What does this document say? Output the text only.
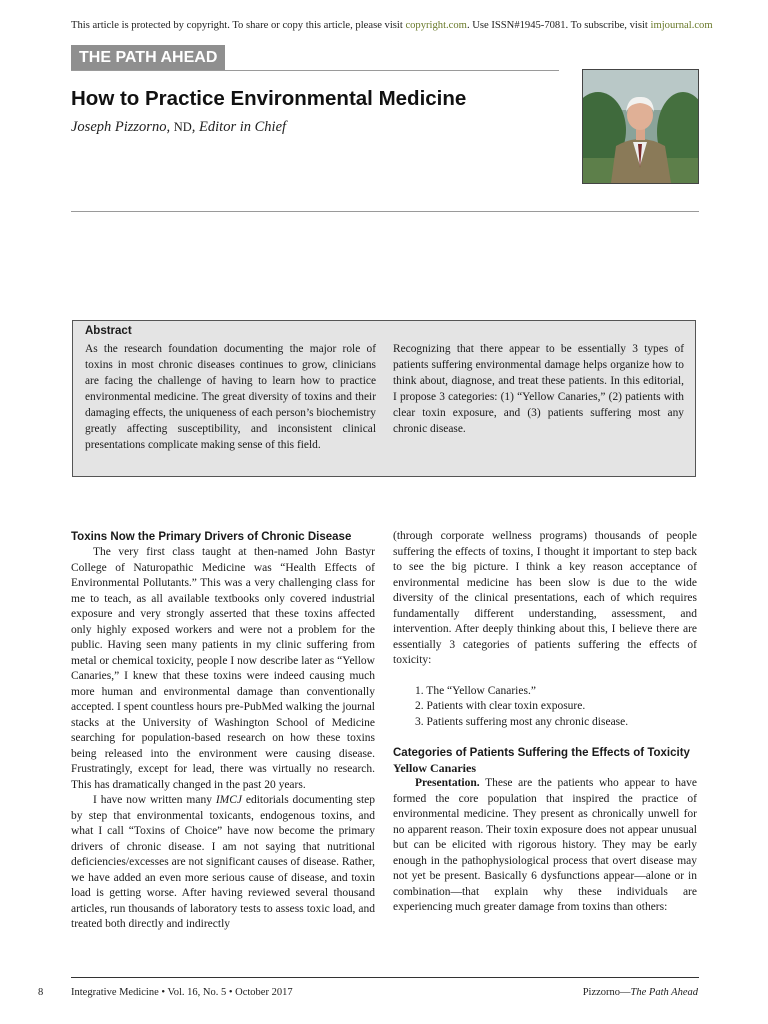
This article is protected by copyright. To share or copy this article, please visit copyright.com. Use ISSN#1945-7081. To subscribe, visit imjournal.com
THE PATH AHEAD
How to Practice Environmental Medicine
Joseph Pizzorno, ND, Editor in Chief
Abstract
As the research foundation documenting the major role of toxins in most chronic diseases continues to grow, clinicians are facing the challenge of having to learn how to practice environmental medicine. The great diversity of toxins and their damaging effects, the uniqueness of each person’s biochemistry greatly affecting susceptibility, and inconsistent clinical presentations complicate making sense of this field.
Recognizing that there appear to be essentially 3 types of patients suffering environmental damage helps organize how to think about, diagnose, and treat these patients. In this editorial, I propose 3 categories: (1) “Yellow Canaries,” (2) patients with clear toxin exposure, and (3) patients suffering most any chronic disease.
Toxins Now the Primary Drivers of Chronic Disease

The very first class taught at then-named John Bastyr College of Naturopathic Medicine was “Health Effects of Environmental Pollutants.” This was a very challenging class for me to teach, as all available textbooks only covered industrial exposure and very strongly asserted that these toxins affected only highly exposed workers and were not a problem for the public. Having seen many patients in my clinic suffering from metal or chemical toxicity, people I now describe later as “Yellow Canaries,” I knew that these toxins were indeed causing much more human and environmental damage than conventionally accepted. I spent countless hours pre-PubMed walking the journal stacks at the University of Washington School of Medicine searching for population-based research on how these toxins being released into the environment were causing disease. Frustratingly, except for lead, there was virtually no research. This has dramatically changed in the past 20 years.

I have now written many IMCJ editorials documenting step by step that environmental toxicants, endogenous toxins, and what I call “Toxins of Choice” have now become the primary drivers of chronic disease. I am not saying that nutritional deficiencies/excesses are not significant causes of disease. Rather, we have added an even more serious cause of disease, and toxin load is getting worse. After having reviewed several thousand articles, run thousands of laboratory tests to assess toxic load, and treated both directly and indirectly

(through corporate wellness programs) thousands of people suffering the effects of toxins, I thought it important to step back to see the big picture. I think a key reason acceptance of environmental medicine has been slow is due to the wide diversity of the clinical presentations, each of which requires fundamentally different understanding, assessment, and intervention. After deeply thinking about this, I believe there are essentially 3 categories of patients suffering the effects of toxicity:

1. The “Yellow Canaries.”
2. Patients with clear toxin exposure.
3. Patients suffering most any chronic disease.
Categories of Patients Suffering the Effects of Toxicity
Yellow Canaries

Presentation. These are the patients who appear to have formed the core population that inspired the practice of environmental medicine. They present as chronically unwell for no apparent reason. Their toxin exposure does not appear unusual but can be elicited with rigorous history. They may be early enough in the pathophysiological process that overt disease may not yet be present. Basically 6 dysfunctions appear—alone or in combination—that explain why these individuals are experiencing much greater damage from toxins than others:

8	Integrative Medicine • Vol. 16, No. 5 • October 2017	Pizzorno—The Path Ahead
